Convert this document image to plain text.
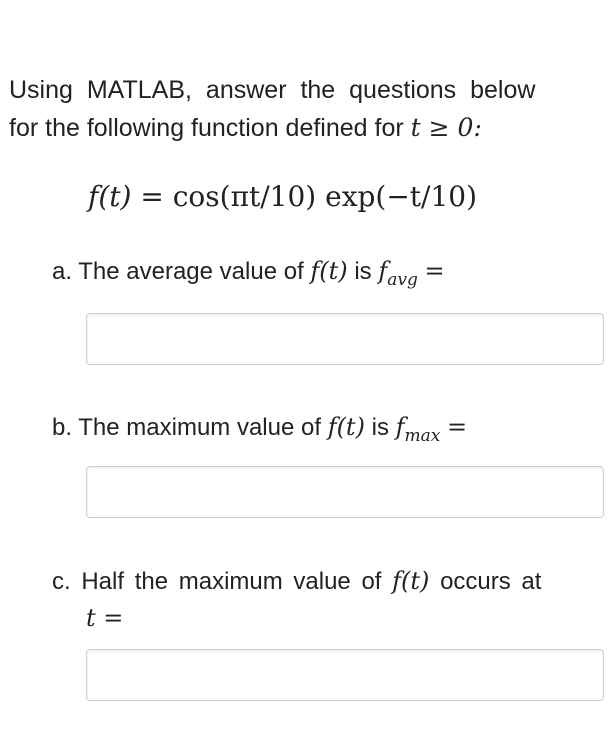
Using MATLAB, answer the questions below
for the following function defined for t ≥ 0:
f(t) = cos(πt/10) exp(−t/10)
a. The average value of f(t) is $f_{avg}$ =
b. The maximum value of f(t) is $f_{max}$ =
c. Half the maximum value of f(t) occurs at
t =
